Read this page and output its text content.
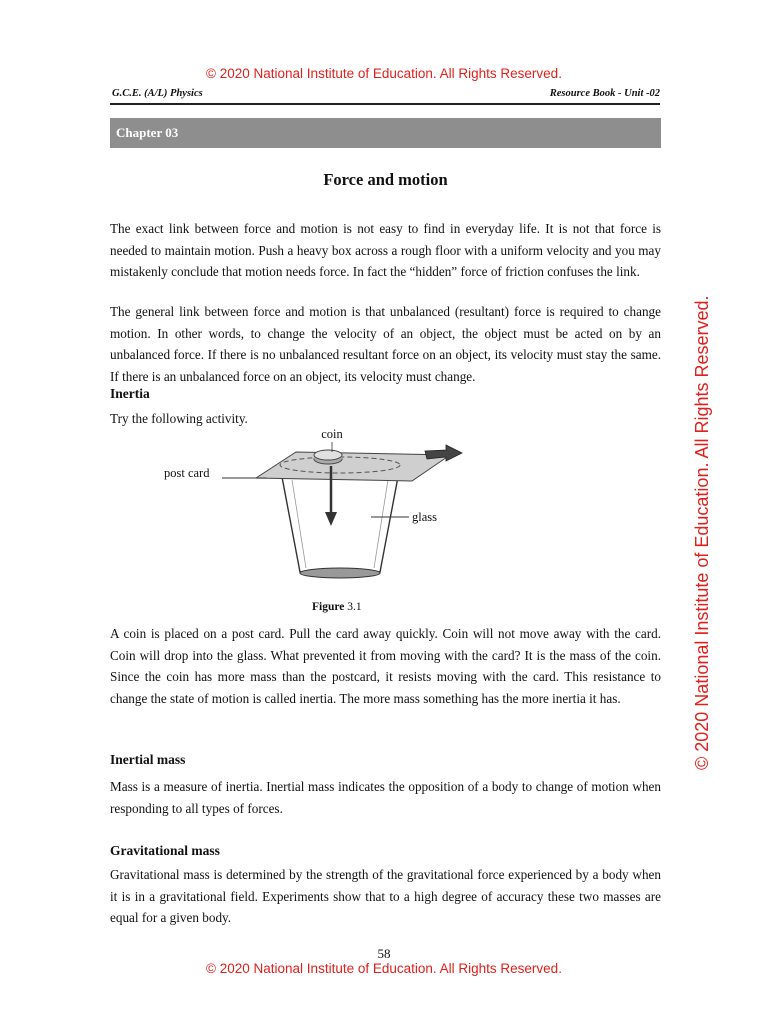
© 2020 National Institute of Education. All Rights Reserved.
G.C.E. (A/L) Physics	Resource Book - Unit -02
Chapter 03
Force and motion

The exact link between force and motion is not easy to find in everyday life. It is not that force is needed to maintain motion. Push a heavy box across a rough floor with a uniform velocity and you may mistakenly conclude that motion needs force. In fact the “hidden” force of friction confuses the link.

The general link between force and motion is that unbalanced (resultant) force is required to change motion. In other words, to change the velocity of an object, the object must be acted on by an unbalanced force. If there is no unbalanced resultant force on an object, its velocity must stay the same. If there is an unbalanced force on an object, its velocity must change.

Inertia
Try the following activity.
coin
post card
glass
Figure 3.1

A coin is placed on a post card. Pull the card away quickly. Coin will not move away with the card. Coin will drop into the glass. What prevented it from moving with the card? It is the mass of the coin. Since the coin has more mass than the postcard, it resists moving with the card. This resistance to change the state of motion is called inertia. The more mass something has the more inertia it has.

Inertial mass

Mass is a measure of inertia. Inertial mass indicates the opposition of a body to change of motion when responding to all types of forces.

Gravitational mass

Gravitational mass is determined by the strength of the gravitational force experienced by a body when it is in a gravitational field. Experiments show that to a high degree of accuracy these two masses are equal for a given body.

58
© 2020 National Institute of Education. All Rights Reserved.
© 2020 National Institute of Education. All Rights Reserved.
